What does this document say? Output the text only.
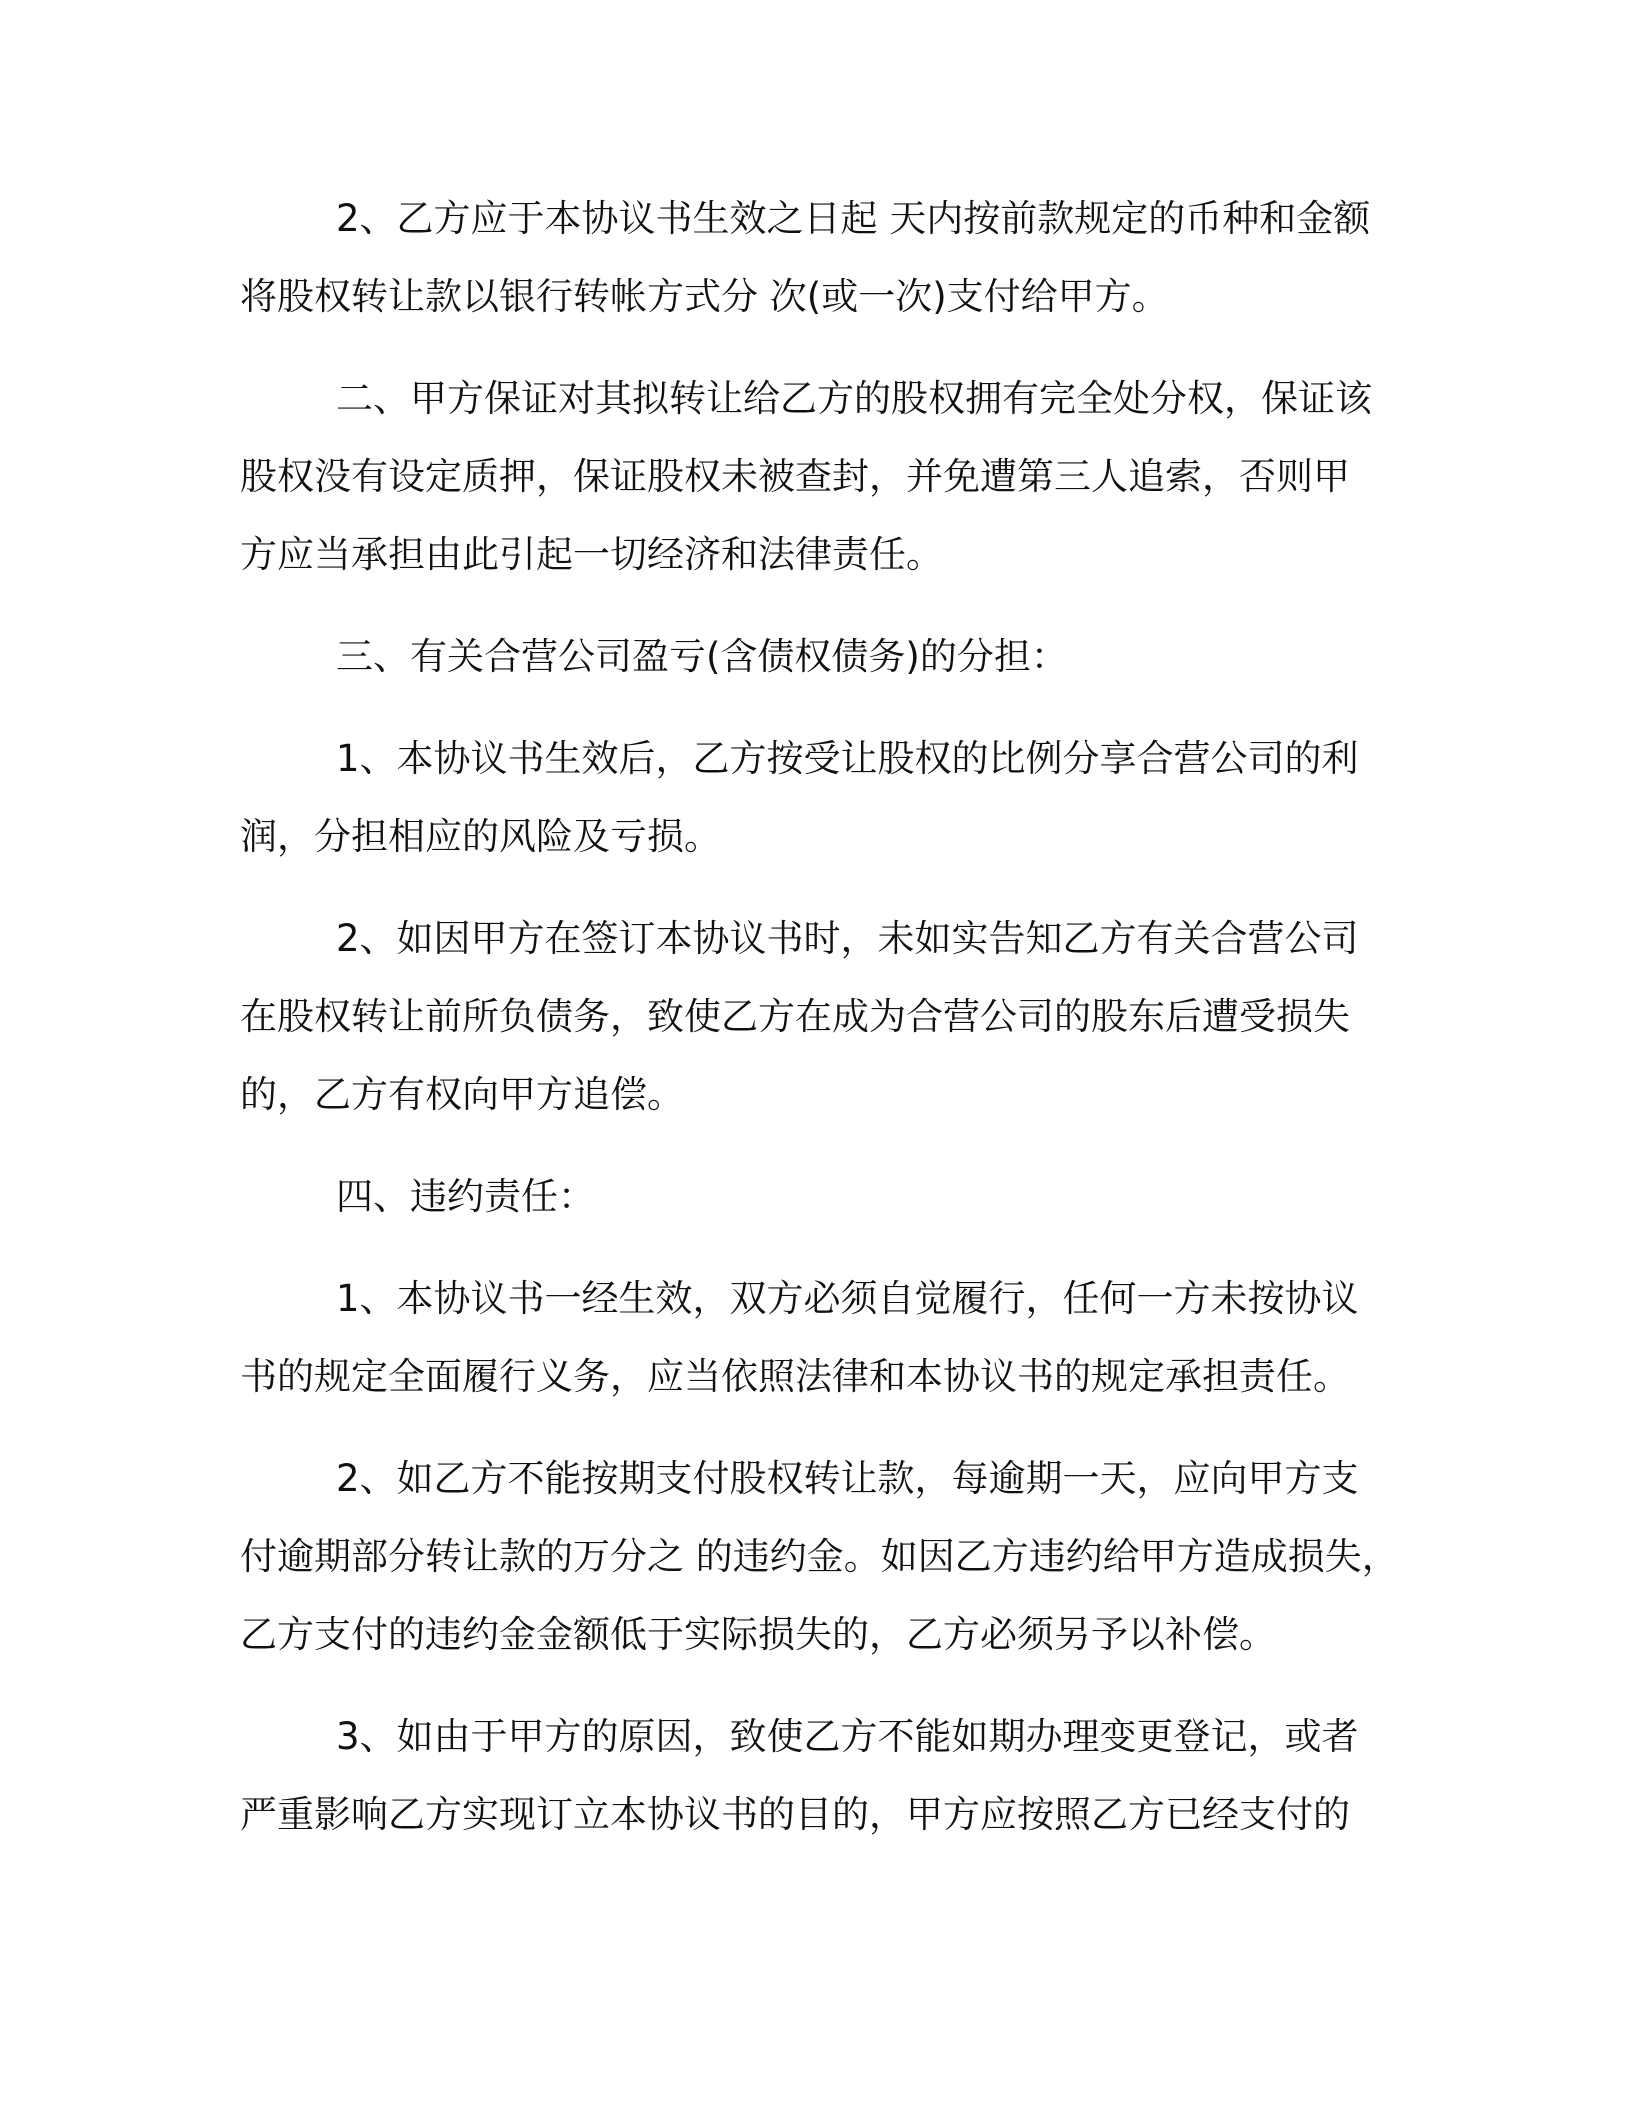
2、乙方应于本协议书生效之日起 天内按前款规定的币种和金额
将股权转让款以银行转帐方式分 次(或一次)支付给甲方。

二、甲方保证对其拟转让给乙方的股权拥有完全处分权，保证该
股权没有设定质押，保证股权未被查封，并免遭第三人追索，否则甲
方应当承担由此引起一切经济和法律责任。

三、有关合营公司盈亏(含债权债务)的分担：

1、本协议书生效后，乙方按受让股权的比例分享合营公司的利
润，分担相应的风险及亏损。

2、如因甲方在签订本协议书时，未如实告知乙方有关合营公司
在股权转让前所负债务，致使乙方在成为合营公司的股东后遭受损失
的，乙方有权向甲方追偿。

四、违约责任：

1、本协议书一经生效，双方必须自觉履行，任何一方未按协议
书的规定全面履行义务，应当依照法律和本协议书的规定承担责任。

2、如乙方不能按期支付股权转让款，每逾期一天，应向甲方支
付逾期部分转让款的万分之 的违约金。如因乙方违约给甲方造成损失，
乙方支付的违约金金额低于实际损失的，乙方必须另予以补偿。

3、如由于甲方的原因，致使乙方不能如期办理变更登记，或者
严重影响乙方实现订立本协议书的目的，甲方应按照乙方已经支付的
